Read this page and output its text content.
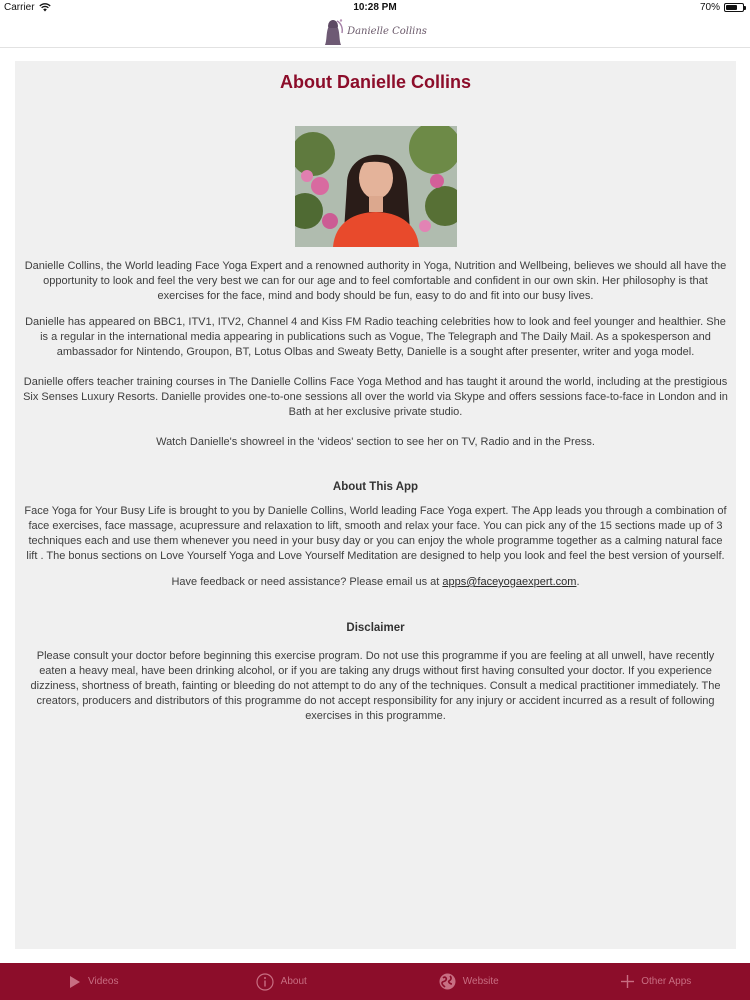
Carrier	10:28 PM	70%
Danielle Collins
About Danielle Collins

Danielle Collins, the World leading Face Yoga Expert and a renowned authority in Yoga, Nutrition and Wellbeing, believes we should all have the opportunity to look and feel the very best we can for our age and to feel comfortable and confident in our own skin. Her philosophy is that exercises for the face, mind and body should be fun, easy to do and fit into our busy lives.

Danielle has appeared on BBC1, ITV1, ITV2, Channel 4 and Kiss FM Radio teaching celebrities how to look and feel younger and healthier. She is a regular in the international media appearing in publications such as Vogue, The Telegraph and The Daily Mail. As a spokesperson and ambassador for Nintendo, Groupon, BT, Lotus Olbas and Sweaty Betty, Danielle is a sought after presenter, writer and yoga model.

Danielle offers teacher training courses in The Danielle Collins Face Yoga Method and has taught it around the world, including at the prestigious Six Senses Luxury Resorts. Danielle provides one-to-one sessions all over the world via Skype and offers sessions face-to-face in London and in Bath at her exclusive private studio.

Watch Danielle's showreel in the 'videos' section to see her on TV, Radio and in the Press.

About This App

Face Yoga for Your Busy Life is brought to you by Danielle Collins, World leading Face Yoga expert. The App leads you through a combination of face exercises, face massage, acupressure and relaxation to lift, smooth and relax your face. You can pick any of the 15 sections made up of 3 techniques each and use them whenever you need in your busy day or you can enjoy the whole programme together as a calming natural face lift . The bonus sections on Love Yourself Yoga and Love Yourself Meditation are designed to help you look and feel the best version of yourself.

Have feedback or need assistance? Please email us at apps@faceyogaexpert.com.

Disclaimer

Please consult your doctor before beginning this exercise program. Do not use this programme if you are feeling at all unwell, have recently eaten a heavy meal, have been drinking alcohol, or if you are taking any drugs without first having consulted your doctor. If you experience dizziness, shortness of breath, fainting or bleeding do not attempt to do any of the techniques. Consult a medical practitioner immediately. The creators, producers and distributors of this programme do not accept responsibility for any injury or accident incurred as a result of following exercises in this programme.

Videos	About	Website	Other Apps
